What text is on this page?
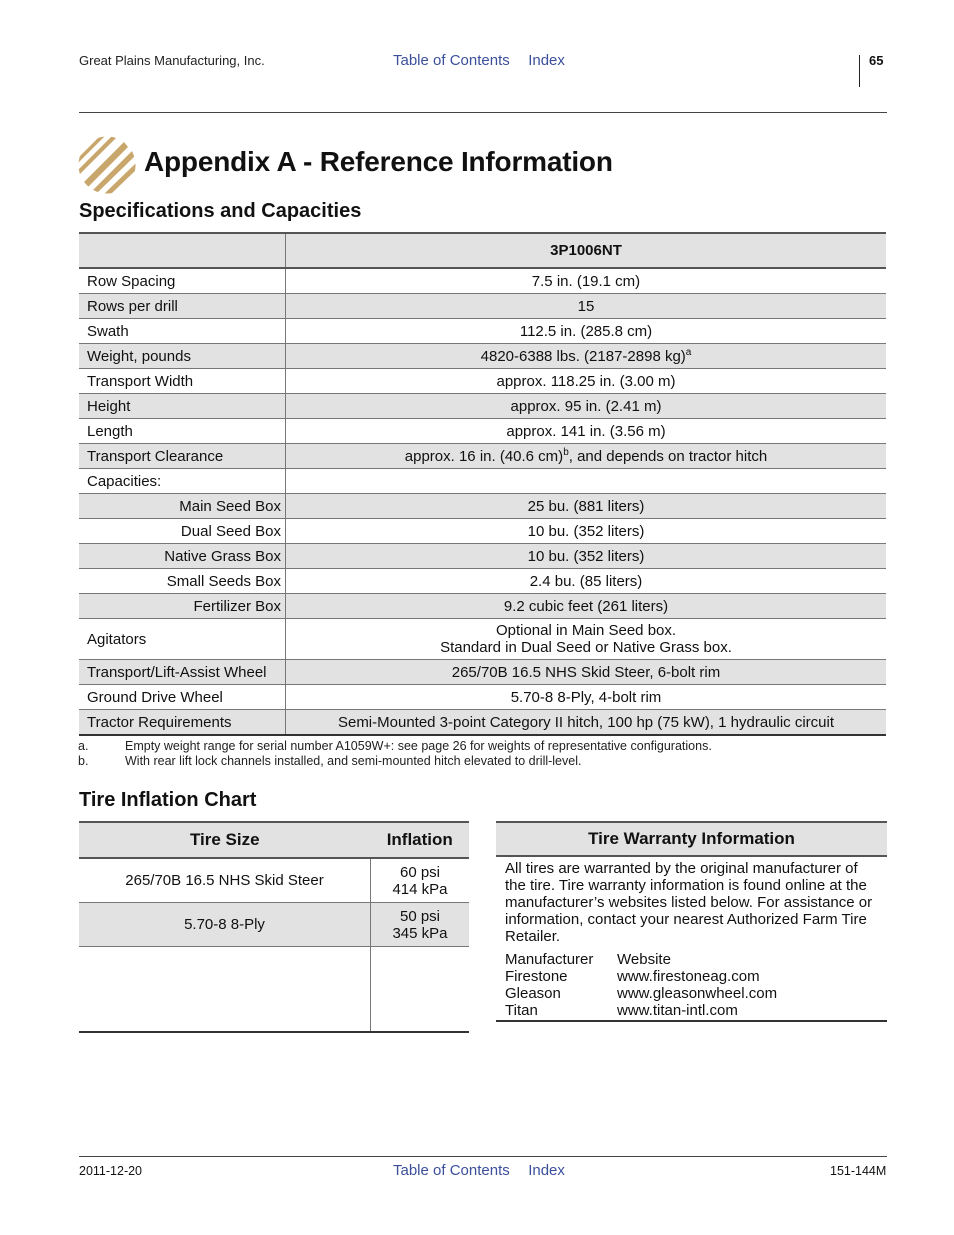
Great Plains Manufacturing, Inc.	Table of Contents Index	65
Appendix A - Reference Information
Specifications and Capacities
	3P1006NT
Row Spacing	7.5 in. (19.1 cm)
Rows per drill	15
Swath	112.5 in. (285.8 cm)
Weight, pounds	4820-6388 lbs. (2187-2898 kg)$^a$
Transport Width	approx. 118.25 in. (3.00 m)
Height	approx. 95 in. (2.41 m)
Length	approx. 141 in. (3.56 m)
Transport Clearance	approx. 16 in. (40.6 cm)$^b$, and depends on tractor hitch
Capacities:	
Main Seed Box	25 bu. (881 liters)
Dual Seed Box	10 bu. (352 liters)
Native Grass Box	10 bu. (352 liters)
Small Seeds Box	2.4 bu. (85 liters)
Fertilizer Box	9.2 cubic feet (261 liters)
Agitators	Optional in Main Seed box.
Standard in Dual Seed or Native Grass box.

Transport/Lift-Assist Wheel	265/70B 16.5 NHS Skid Steer, 6-bolt rim
Ground Drive Wheel	5.70-8 8-Ply, 4-bolt rim
Tractor Requirements	Semi-Mounted 3-point Category II hitch, 100 hp (75 kW), 1 hydraulic circuit
a.	Empty weight range for serial number A1059W+: see page 26 for weights of representative configurations.
b.	With rear lift lock channels installed, and semi-mounted hitch elevated to drill-level.
Tire Inflation Chart
Tire Size	Inflation
265/70B 16.5 NHS Skid Steer	60 psi
414 kPa

5.70-8 8-Ply	50 psi
345 kPa

Tire Warranty Information

All tires are warranted by the original manufacturer of the tire. Tire warranty information is found online at the manufacturer’s websites listed below. For assistance or information, contact your nearest Authorized Farm Tire Retailer.

Manufacturer	Website
Firestone	www.firestoneag.com
Gleason	www.gleasonwheel.com
Titan	www.titan-intl.com
2011-12-20	Table of Contents Index	151-144M
